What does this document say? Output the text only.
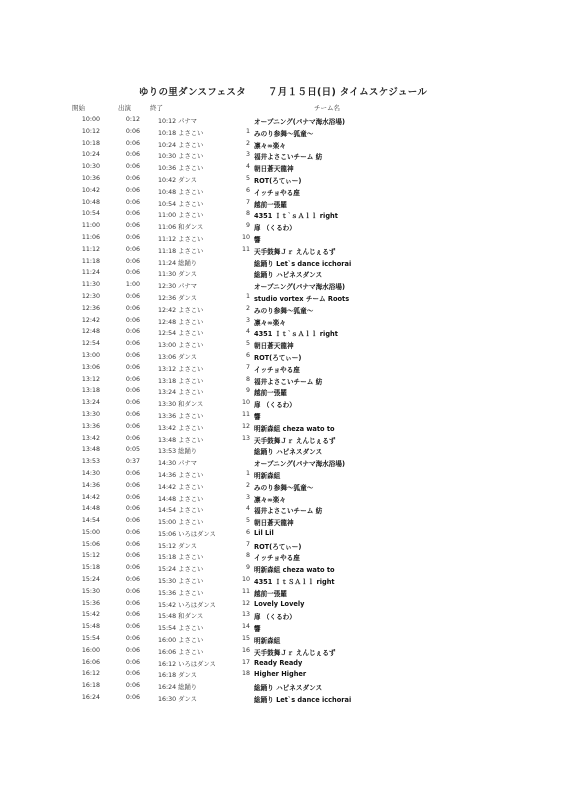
ゆりの里ダンスフェスタ ７月１５日(日) タイムスケジュール
開始	出演	終了	チーム名
10:00	0:12	10:12 パナマ	オープニング(パナマ海水浴場)
10:12	0:06	10:18 よさこい	1 みのり参舞～狐童～
10:18	0:06	10:24 よさこい	2 凛々∞楽々
10:24	0:06	10:30 よさこい	3 福井よさこいチーム 紡
10:30	0:06	10:36 よさこい	4 朝日蒼天龍神
10:36	0:06	10:42 ダンス	5 ROT(ろてぃー)
10:42	0:06	10:48 よさこい	6 イッチョやる座
10:48	0:06	10:54 よさこい	7 越前一張羅
10:54	0:06	11:00 よさこい	8 4351 Ｉｔ`ｓＡｌｌ right
11:00	0:06	11:06 和ダンス	9 扉 （くるわ）
11:06	0:06	11:12 よさこい	10 響
11:12	0:06	11:18 よさこい	11 天手鼓舞Ｊｒ えんじぇるず
11:18	0:06	11:24 総踊り	総踊り Let`s dance icchorai
11:24	0:06	11:30 ダンス	総踊り ハピネスダンス
11:30	1:00	12:30 パナマ	オープニング(パナマ海水浴場)
12:30	0:06	12:36 ダンス	1 studio vortex チーム Roots
12:36	0:06	12:42 よさこい	2 みのり参舞～狐童～
12:42	0:06	12:48 よさこい	3 凛々∞楽々
12:48	0:06	12:54 よさこい	4 4351 Ｉｔ`ｓＡｌｌ right
12:54	0:06	13:00 よさこい	5 朝日蒼天龍神
13:00	0:06	13:06 ダンス	6 ROT(ろてぃー)
13:06	0:06	13:12 よさこい	7 イッチョやる座
13:12	0:06	13:18 よさこい	8 福井よさこいチーム 紡
13:18	0:06	13:24 よさこい	9 越前一張羅
13:24	0:06	13:30 和ダンス	10 扉 （くるわ）
13:30	0:06	13:36 よさこい	11 響
13:36	0:06	13:42 よさこい	12 明新森組 cheza wato to
13:42	0:06	13:48 よさこい	13 天手鼓舞Ｊｒ えんじぇるず
13:48	0:05	13:53 総踊り	総踊り ハピネスダンス
13:53	0:37	14:30 パナマ	オープニング(パナマ海水浴場)
14:30	0:06	14:36 よさこい	1 明新森組
14:36	0:06	14:42 よさこい	2 みのり参舞～狐童～
14:42	0:06	14:48 よさこい	3 凛々∞楽々
14:48	0:06	14:54 よさこい	4 福井よさこいチーム 紡
14:54	0:06	15:00 よさこい	5 朝日蒼天龍神
15:00	0:06	15:06 いろはダンス	6 Lil Lil
15:06	0:06	15:12 ダンス	7 ROT(ろてぃー)
15:12	0:06	15:18 よさこい	8 イッチョやる座
15:18	0:06	15:24 よさこい	9 明新森組 cheza wato to
15:24	0:06	15:30 よさこい	10 4351 ＩｔＳＡｌｌ right
15:30	0:06	15:36 よさこい	11 越前一張羅
15:36	0:06	15:42 いろはダンス	12 Lovely Lovely
15:42	0:06	15:48 和ダンス	13 扉 （くるわ）
15:48	0:06	15:54 よさこい	14 響
15:54	0:06	16:00 よさこい	15 明新森組
16:00	0:06	16:06 よさこい	16 天手鼓舞Ｊｒ えんじぇるず
16:06	0:06	16:12 いろはダンス	17 Ready Ready
16:12	0:06	16:18 ダンス	18 Higher Higher
16:18	0:06	16:24 総踊り	総踊り ハピネスダンス
16:24	0:06	16:30 ダンス	総踊り Let`s dance icchorai
